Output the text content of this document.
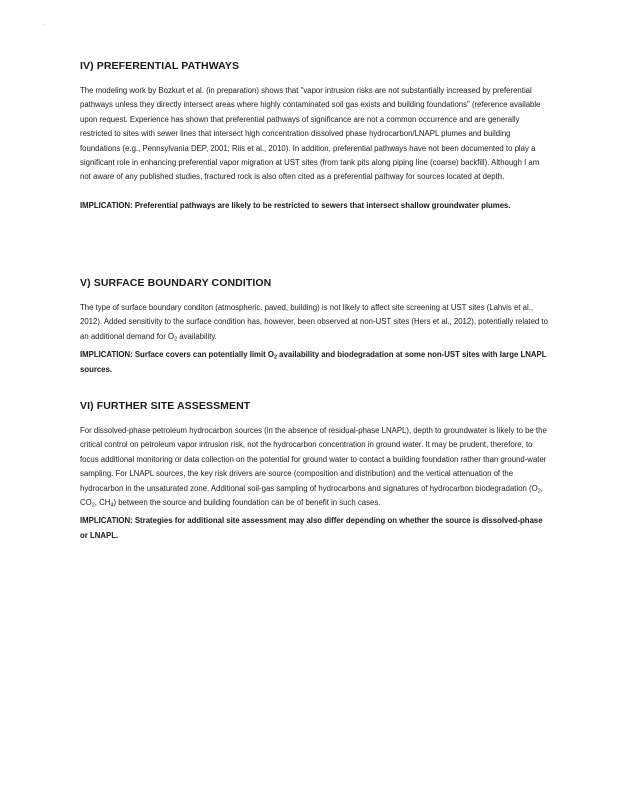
·
IV) PREFERENTIAL PATHWAYS

The modeling work by Bozkurt et al. (in preparation) shows that "vapor intrusion risks are not substantially increased by preferential pathways unless they directly intersect areas where highly contaminated soil gas exists and building foundations" (reference available upon request. Experience has shown that preferential pathways of significance are not a common occurrence and are generally restricted to sites with sewer lines that intersect high concentration dissolved phase hydrocarbon/LNAPL plumes and building foundations (e.g., Pennsylvania DEP, 2001; Riis et al., 2010). In addition, preferential pathways have not been documented to play a significant role in enhancing preferential vapor migration at UST sites (from tank pits along piping line (coarse) backfill). Although I am not aware of any published studies, fractured rock is also often cited as a preferential pathway for sources located at depth.

IMPLICATION: Preferential pathways are likely to be restricted to sewers that intersect shallow groundwater plumes.

V) SURFACE BOUNDARY CONDITION

The type of surface boundary conditon (atmospheric. paved, building) is not likely to affect site screening at UST sites (Lahvis et al., 2012). Added sensitivity to the surface condition has, however, been observed at non-UST sites (Hers et al., 2012), potentially related to an additional demand for $O_2$ availability.

IMPLICATION: Surface covers can potentially limit $O_2$ availability and biodegradation at some non-UST sites with large LNAPL sources.

VI) FURTHER SITE ASSESSMENT

For dissolved-phase petroleum hydrocarbon sources (in the absence of residual-phase LNAPL), depth to groundwater is likely to be the critical control on petroleum vapor intrusion risk, not the hydrocarbon concentration in ground water. It may be prudent, therefore, to focus additional monitoring or data collection on the potential for ground water to contact a building foundation rather than ground-water sampling. For LNAPL sources, the key risk drivers are source (composition and distribution) and the vertical attenuation of the hydrocarbon in the unsaturated zone. Additional soil-gas sampling of hydrocarbons and signatures of hydrocarbon biodegradation ($O_2$, $CO_2$, $CH_4$) between the source and building foundation can be of benefit in such cases.

IMPLICATION: Strategies for additional site assessment may also differ depending on whether the source is dissolved-phase or LNAPL.
